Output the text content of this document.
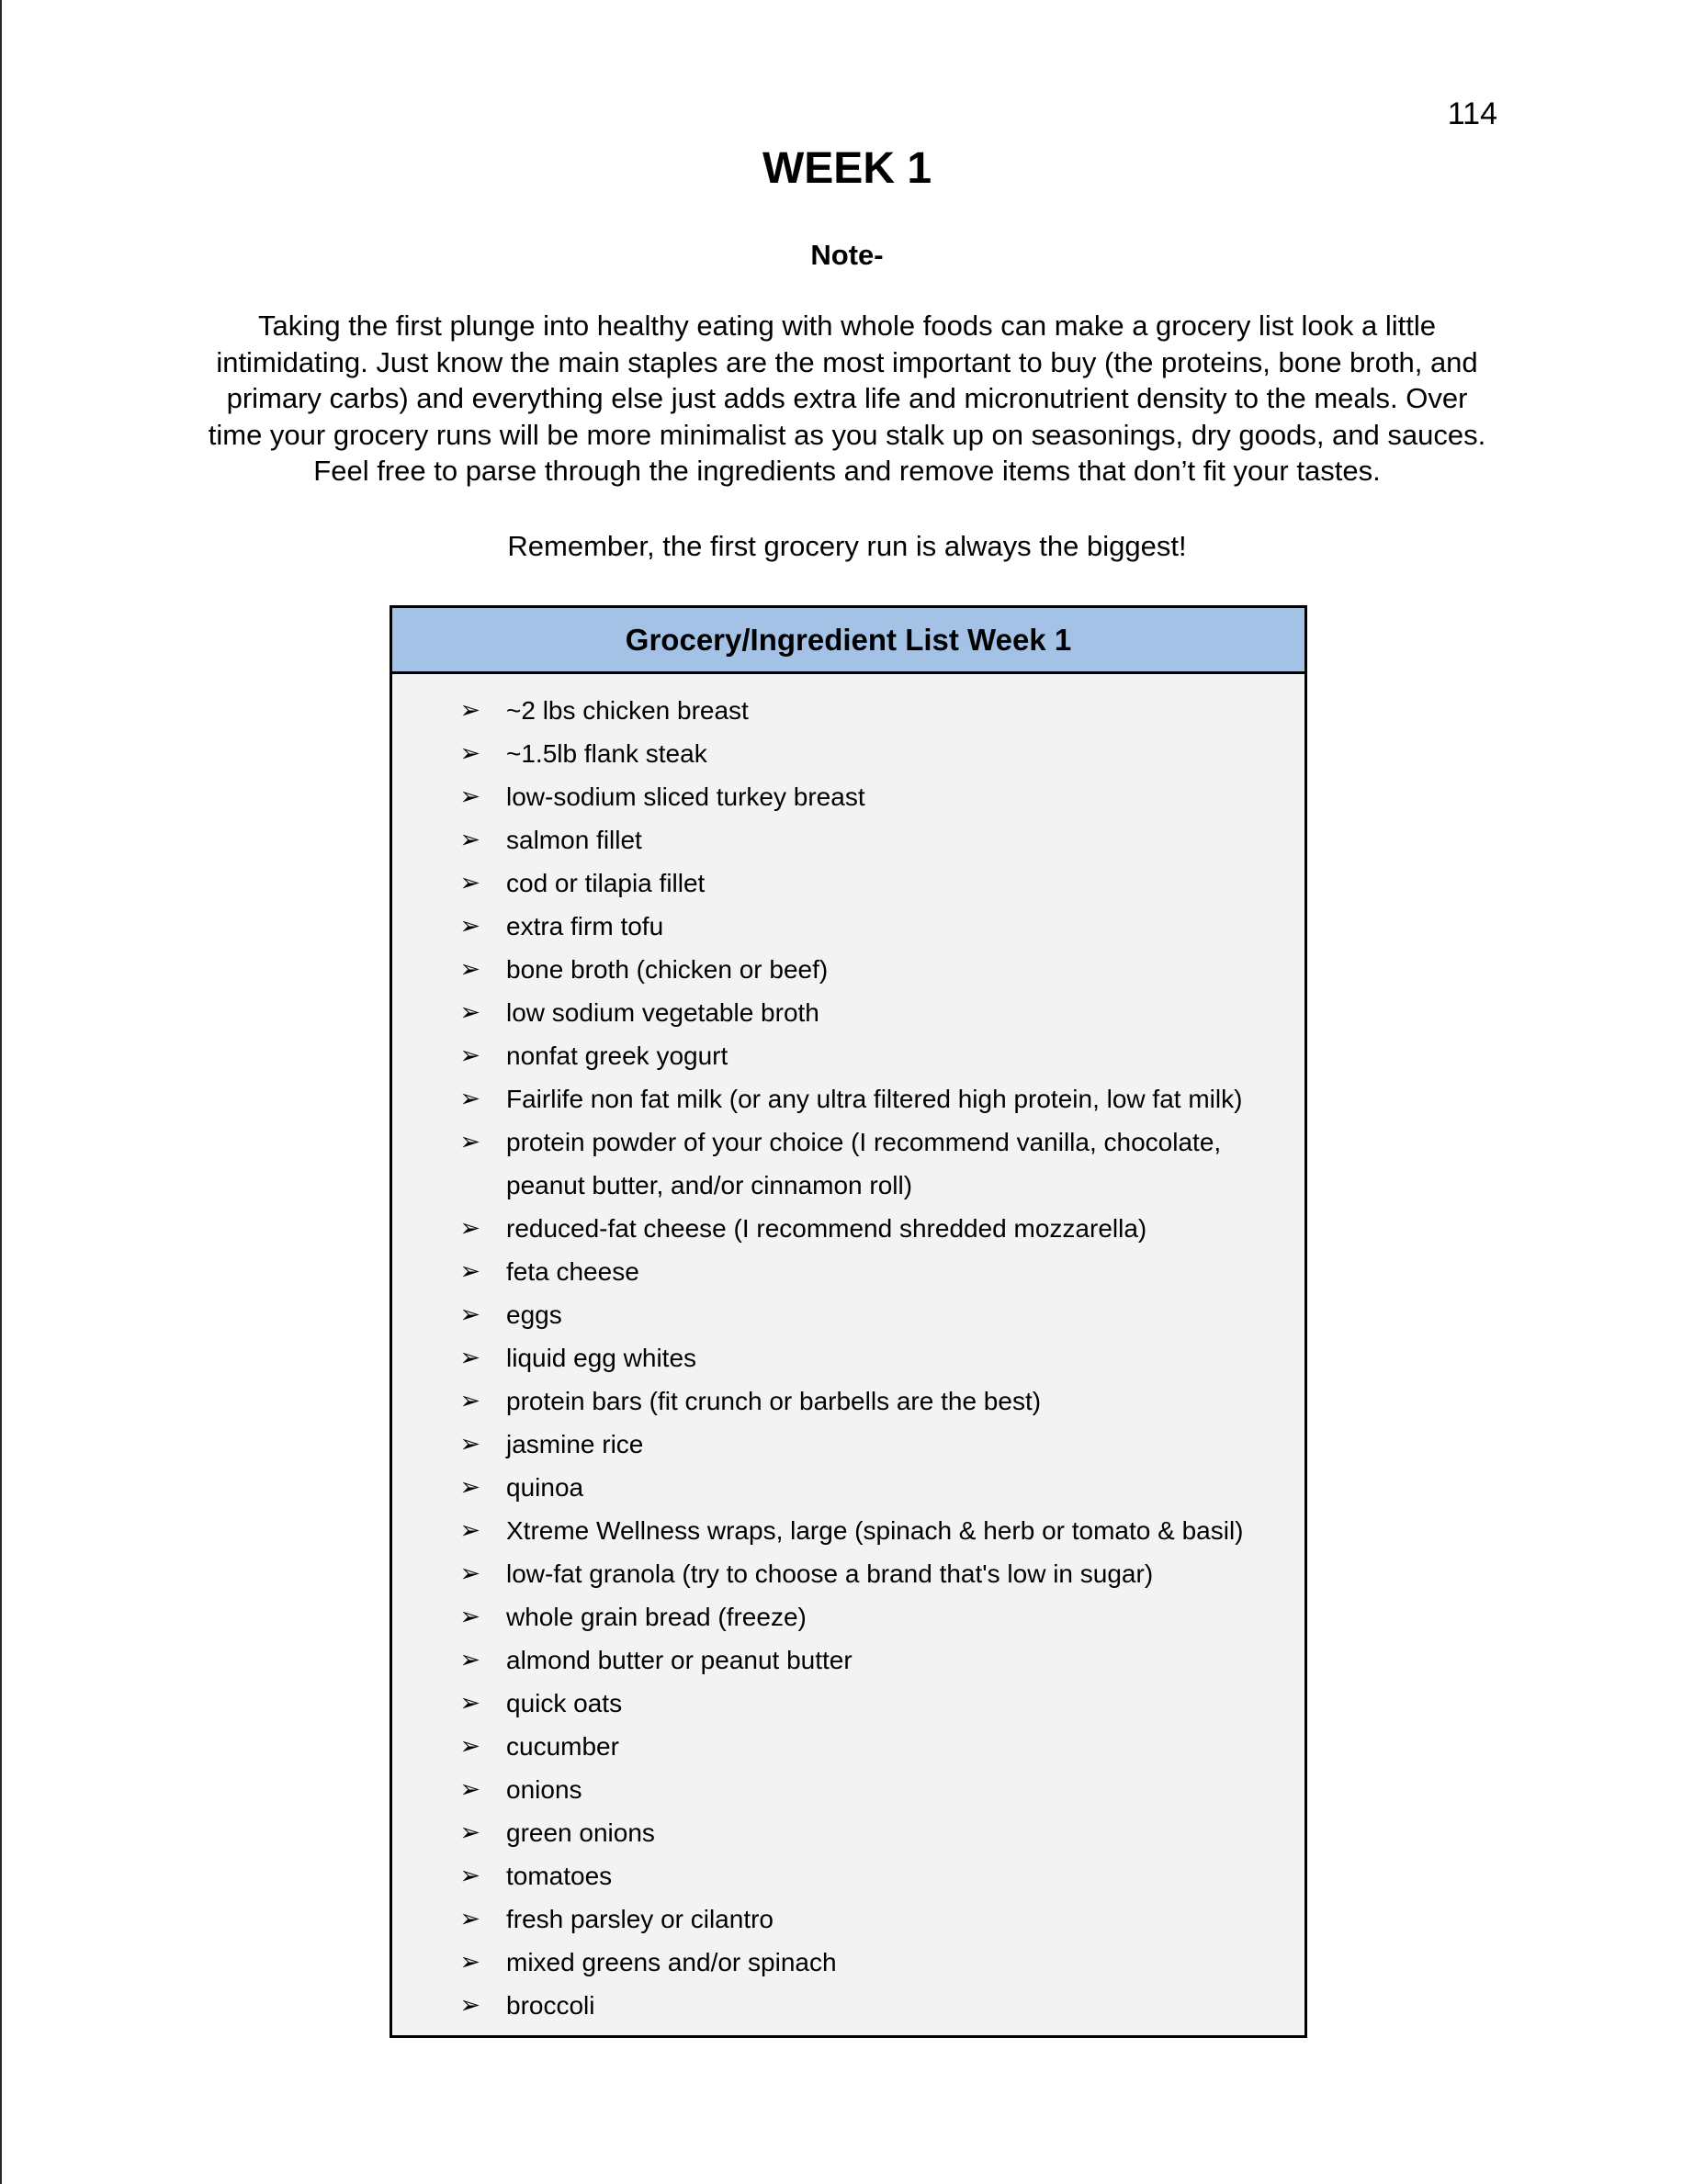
114
WEEK 1
Note-

Taking the first plunge into healthy eating with whole foods can make a grocery list look a little intimidating. Just know the main staples are the most important to buy (the proteins, bone broth, and primary carbs) and everything else just adds extra life and micronutrient density to the meals. Over time your grocery runs will be more minimalist as you stalk up on seasonings, dry goods, and sauces. Feel free to parse through the ingredients and remove items that don’t fit your tastes.

Remember, the first grocery run is always the biggest!

Grocery/Ingredient List Week 1
➢	~2 lbs chicken breast
➢	~1.5lb flank steak
➢	low-sodium sliced turkey breast
➢	salmon fillet
➢	cod or tilapia fillet
➢	extra firm tofu
➢	bone broth (chicken or beef)
➢	low sodium vegetable broth
➢	nonfat greek yogurt
➢	Fairlife non fat milk (or any ultra filtered high protein, low fat milk)
➢	protein powder of your choice (I recommend vanilla, chocolate, peanut butter, and/or cinnamon roll)
➢	reduced-fat cheese (I recommend shredded mozzarella)
➢	feta cheese
➢	eggs
➢	liquid egg whites
➢	protein bars (fit crunch or barbells are the best)
➢	jasmine rice
➢	quinoa
➢	Xtreme Wellness wraps, large (spinach & herb or tomato & basil)
➢	low-fat granola (try to choose a brand that's low in sugar)
➢	whole grain bread (freeze)
➢	almond butter or peanut butter
➢	quick oats
➢	cucumber
➢	onions
➢	green onions
➢	tomatoes
➢	fresh parsley or cilantro
➢	mixed greens and/or spinach
➢	broccoli
